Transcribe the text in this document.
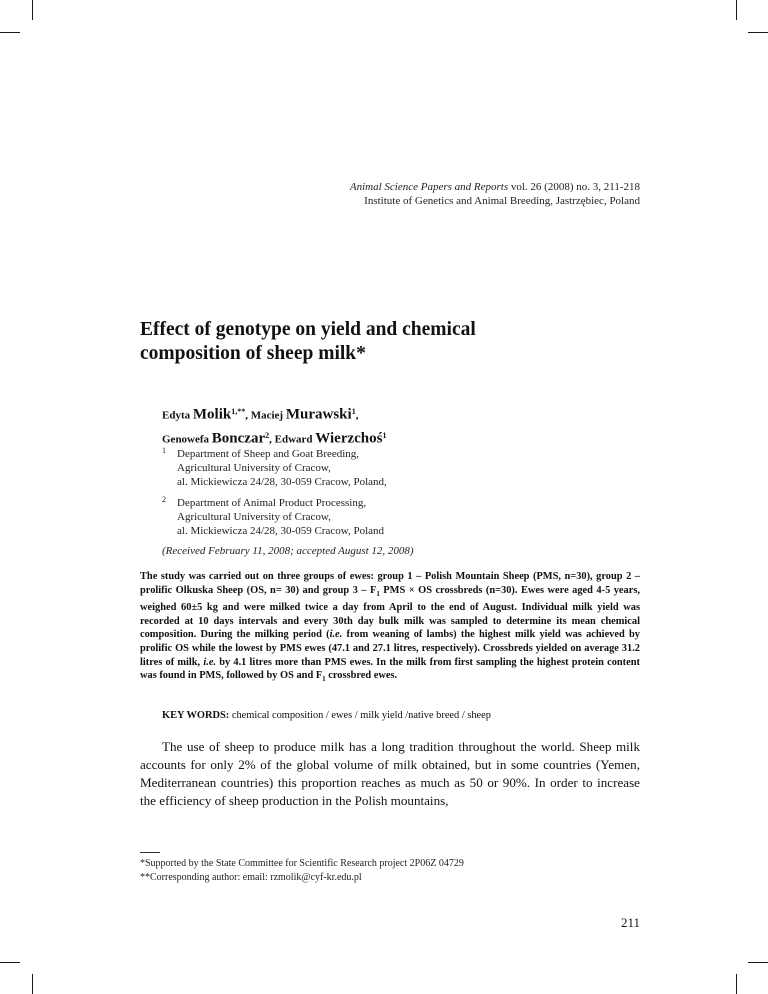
Animal Science Papers and Reports vol. 26 (2008) no. 3, 211-218
Institute of Genetics and Animal Breeding, Jastrzębiec, Poland
Effect of genotype on yield and chemical
composition of sheep milk*
Edyta Molik$^{1,**}$, Maciej Murawski$^1$,
Genowefa Bonczar$^2$, Edward Wierzchoś$^1$
1 Department of Sheep and Goat Breeding,
Agricultural University of Cracow,
al. Mickiewicza 24/28, 30-059 Cracow, Poland,
2 Department of Animal Product Processing,
Agricultural University of Cracow,
al. Mickiewicza 24/28, 30-059 Cracow, Poland
(Received February 11, 2008; accepted August 12, 2008)
The study was carried out on three groups of ewes: group 1 – Polish Mountain Sheep (PMS, n=30), group 2 – prolific Olkuska Sheep (OS, n= 30) and group $3 - F_1$ PMS × OS crossbreds (n=30). Ewes were aged 4-5 years, weighed 60±5 kg and were milked twice a day from April to the end of August. Individual milk yield was recorded at 10 days intervals and every 30th day bulk milk was sampled to determine its mean chemical composition. During the milking period (i.e. from weaning of lambs) the highest milk yield was achieved by prolific OS while the lowest by PMS ewes (47.1 and 27.1 litres, respectively). Crossbreds yielded on average 31.2 litres of milk, i.e. by 4.1 litres more than PMS ewes. In the milk from first sampling the highest protein content was found in PMS, followed by OS and $F_1$ crossbred ewes.
KEY WORDS: chemical composition / ewes / milk yield /native breed / sheep

The use of sheep to produce milk has a long tradition throughout the world. Sheep milk accounts for only 2% of the global volume of milk obtained, but in some countries (Yemen, Mediterranean countries) this proportion reaches as much as 50 or 90%. In order to increase the efficiency of sheep production in the Polish mountains,

*Supported by the State Committee for Scientific Research project 2P06Z 04729
**Corresponding author: email: rzmolik@cyf-kr.edu.pl
211
